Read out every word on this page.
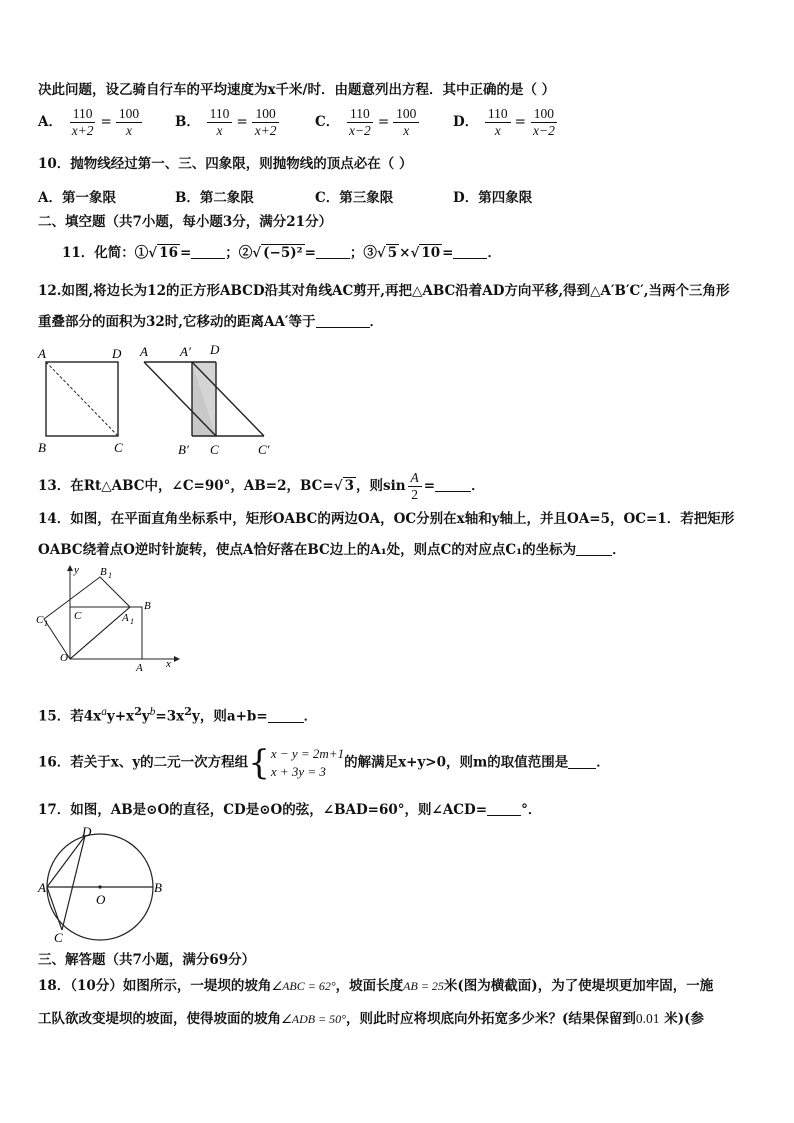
决此问题，设乙骑自行车的平均速度为x千米/时．由题意列出方程．其中正确的是（ ）
A． $\frac{110}{x+2} = \frac{100}{x}$ B． $\frac{110}{x} = \frac{100}{x+2}$	C． $\frac{110}{x-2} = \frac{100}{x}$ D． $\frac{110}{x} = \frac{100}{x-2}$
10．抛物线经过第一、三、四象限，则抛物线的顶点必在（ ）
A．第一象限	B．第二象限	C．第三象限	D．第四象限
二、填空题（共7小题，每小题3分，满分21分）
11．化简：①√ 16 =	；②√ (−5)² =	；③√ 5 ×√ 10 =	．
12.如图,将边长为12的正方形ABCD沿其对角线AC剪开,再把△ABC沿着AD方向平移,得到△A′B′C′,当两个三角形
重叠部分的面积为32时,它移动的距离AA′等于	．
A	D
B	C
A A′ D
B′ C	C′
13．在Rt△ABC中，∠C=90°，AB=2，BC=√ 3 ，则$\sin \frac{A}{2}$ =	．
14．如图，在平面直角坐标系中，矩形OABC的两边OA，OC分别在x轴和y轴上，并且OA=5，OC=1．若把矩形
OABC绕着点O逆时针旋转，使点A恰好落在BC边上的A₁处，则点C的对应点C₁的坐标为	．
y
x
B 1
B
C 1
C	A 1
O
A
15．若$4x^ay+x^2y^b=3x^2y$，则a+b=	．
16．若关于x、y的二元一次方程组 { x − y = 2m+1
x + 3y = 3
的解满足x+y>0，则m的取值范围是 ．
17．如图，AB是⊙O的直径，CD是⊙O的弦，∠BAD=60°，则∠ACD=	°．
D
A	B
O
C
三、解答题（共7小题，满分69分）
18．（10分）如图所示，一堤坝的坡角∠ABC = 62°，坡面长度AB = 25米(图为横截面)，为了使堤坝更加牢固，一施
工队欲改变堤坝的坡面，使得坡面的坡角∠ADB = 50°，则此时应将坝底向外拓宽多少米？(结果保留到0.01 米)(参
